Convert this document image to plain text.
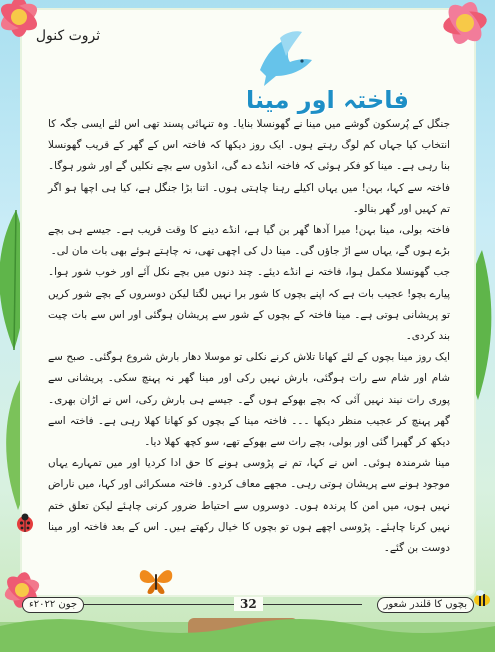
ثروت کنول
فاختہ اور مینا

جنگل کے پُرسکون گوشے میں مینا نے گھونسلا بنایا۔ وہ تنہائی پسند تھی اس لئے ایسی جگہ کا انتخاب کیا جہاں کم لوگ رہتے ہوں۔ ایک روز دیکھا کہ فاختہ اس کے گھر کے قریب گھونسلا بنا رہی ہے۔ مینا کو فکر ہوئی کہ فاختہ انڈے دے گی، انڈوں سے بچے نکلیں گے اور شور ہوگا۔ فاختہ سے کہا، بہن! میں یہاں اکیلے رہنا چاہتی ہوں۔ اتنا بڑا جنگل ہے، کیا ہی اچھا ہو اگر تم کہیں اور گھر بنالو۔

فاختہ بولی، مینا بہن! میرا آدھا گھر بن گیا ہے، انڈے دینے کا وقت قریب ہے۔ جیسے ہی بچے بڑے ہوں گے، یہاں سے اڑ جاؤں گی۔ مینا دل کی اچھی تھی، نہ چاہتے ہوئے بھی بات مان لی۔

جب گھونسلا مکمل ہوا، فاختہ نے انڈے دیئے۔ چند دنوں میں بچے نکل آئے اور خوب شور ہوا۔ پیارے بچو! عجیب بات ہے کہ اپنے بچوں کا شور برا نہیں لگتا لیکن دوسروں کے بچے شور کریں تو پریشانی ہوتی ہے۔ مینا فاختہ کے بچوں کے شور سے پریشان ہوگئی اور اس سے بات چیت بند کردی۔

ایک روز مینا بچوں کے لئے کھانا تلاش کرنے نکلی تو موسلا دھار بارش شروع ہوگئی۔ صبح سے شام اور شام سے رات ہوگئی، بارش نہیں رکی اور مینا گھر نہ پہنچ سکی۔ پریشانی سے پوری رات نیند نہیں آئی کہ بچے بھوکے ہوں گے۔ جیسے ہی بارش رکی، اس نے اڑان بھری۔ گھر پہنچ کر عجیب منظر دیکھا ۔۔۔ فاختہ مینا کے بچوں کو کھانا کھلا رہی ہے۔ فاختہ اسے دیکھ کر گھبرا گئی اور بولی، بچے رات سے بھوکے تھے، سو کچھ کھلا دیا۔

مینا شرمندہ ہوئی۔ اس نے کہا، تم نے پڑوسی ہونے کا حق ادا کردیا اور میں تمہارے یہاں موجود ہونے سے پریشان ہوتی رہی۔ مجھے معاف کردو۔ فاختہ مسکرائی اور کہا، میں ناراض نہیں ہوں، میں امن کا پرندہ ہوں۔ دوسروں سے احتیاط ضرور کرنی چاہئے لیکن تعلق ختم نہیں کرنا چاہئے۔ پڑوسی اچھے ہوں تو بچوں کا خیال رکھتے ہیں۔ اس کے بعد فاختہ اور مینا دوست بن گئے۔

جون ۲۰۲۲ء	32	بچوں کا قلندر شعور
